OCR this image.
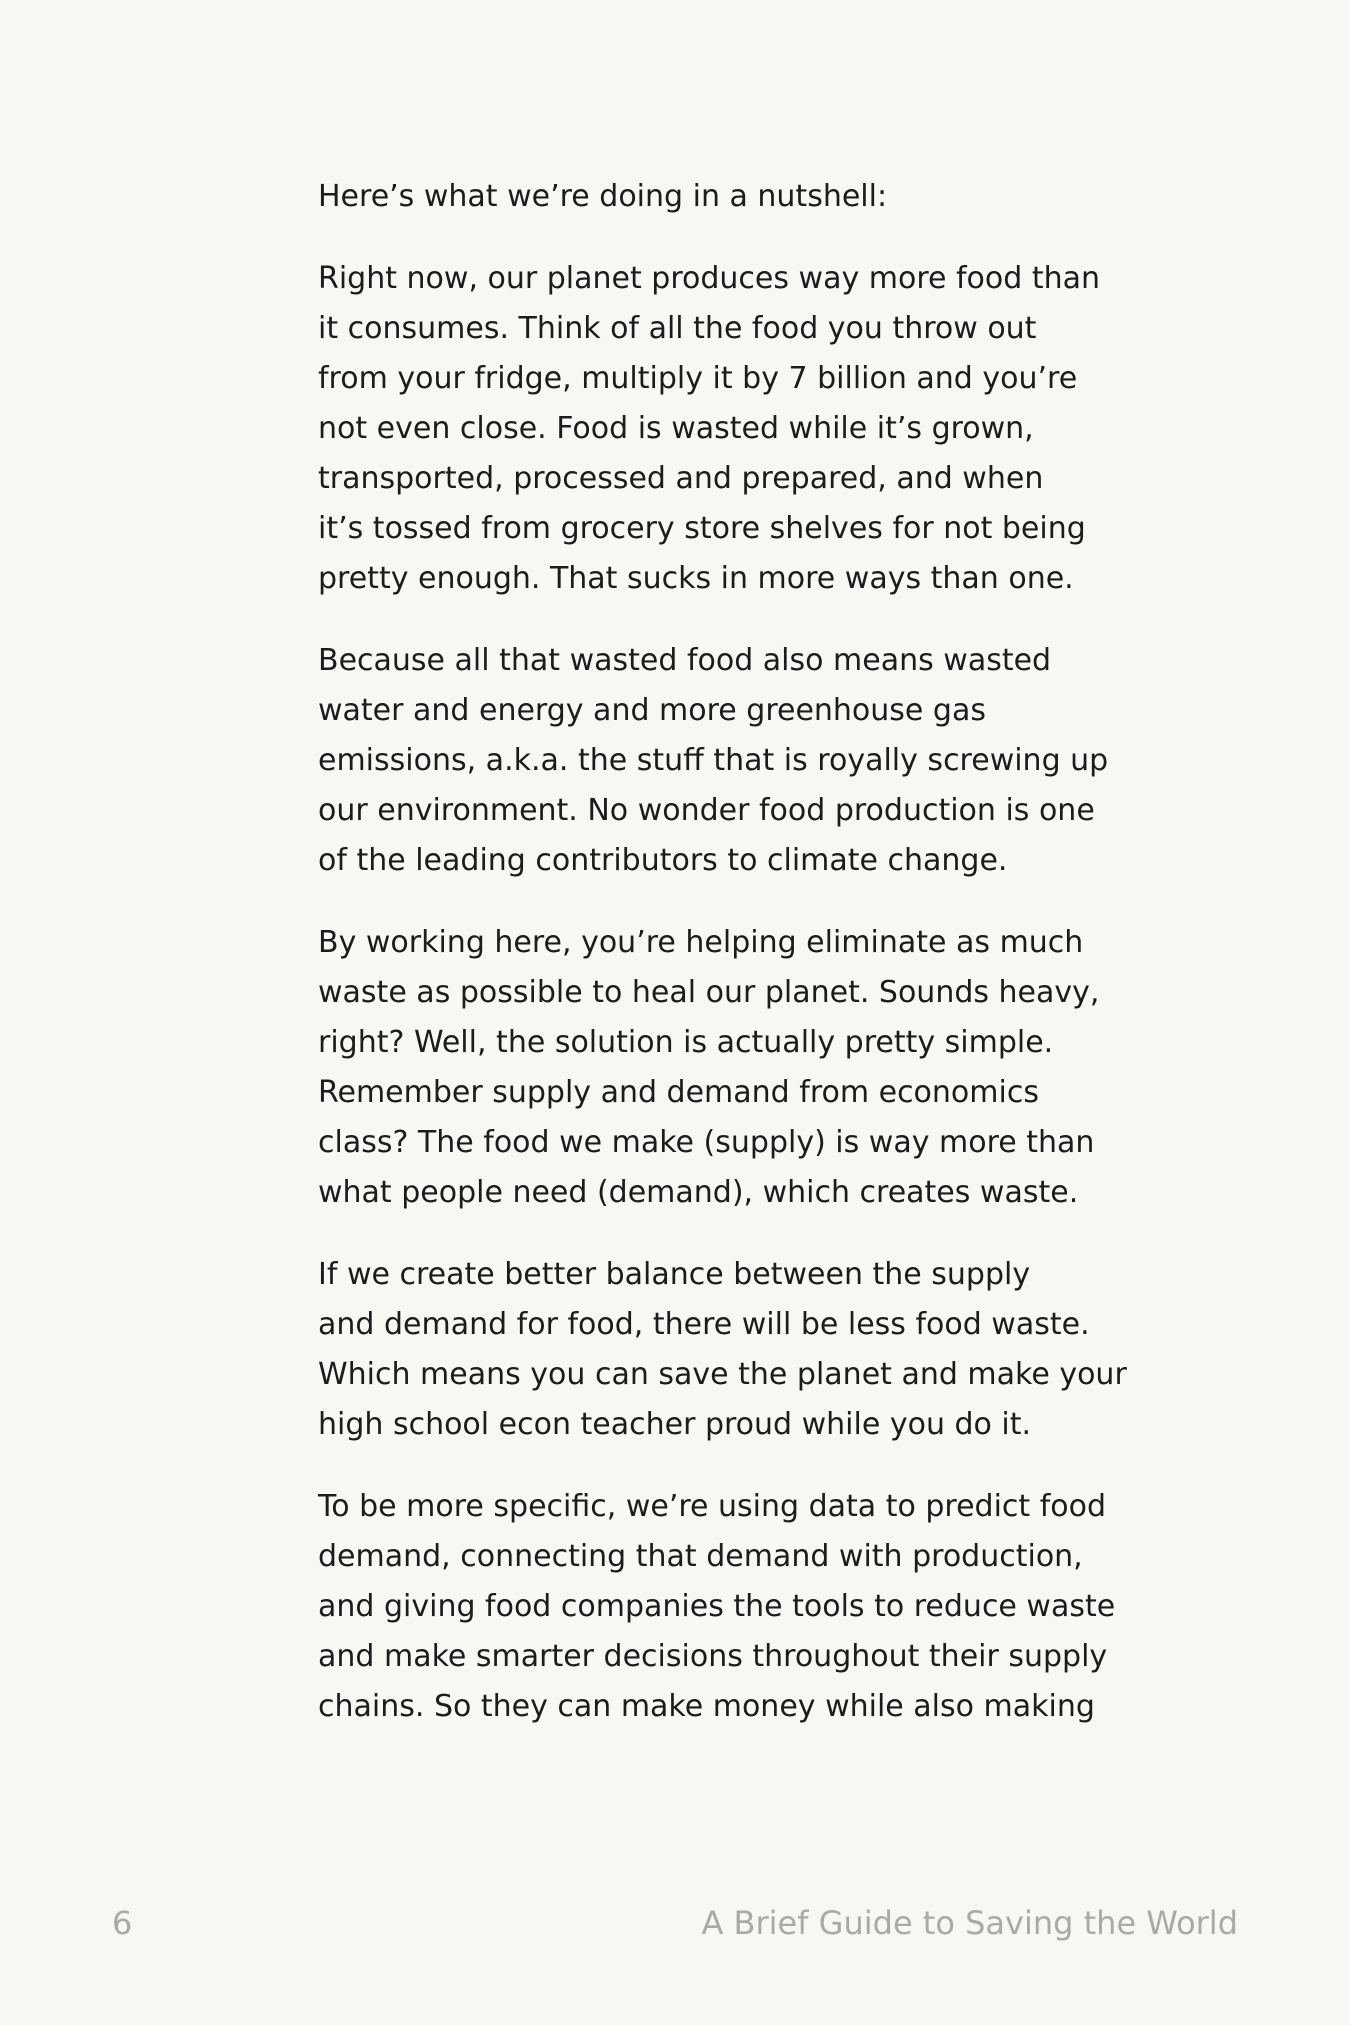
Here’s what we’re doing in a nutshell:

Right now, our planet produces way more food than
it consumes. Think of all the food you throw out
from your fridge, multiply it by 7 billion and you’re
not even close. Food is wasted while it’s grown,
transported, processed and prepared, and when
it’s tossed from grocery store shelves for not being
pretty enough. That sucks in more ways than one.

Because all that wasted food also means wasted
water and energy and more greenhouse gas
emissions, a.k.a. the stuff that is royally screwing up
our environment. No wonder food production is one
of the leading contributors to climate change.

By working here, you’re helping eliminate as much
waste as possible to heal our planet. Sounds heavy,
right? Well, the solution is actually pretty simple.
Remember supply and demand from economics
class? The food we make (supply) is way more than
what people need (demand), which creates waste.

If we create better balance between the supply
and demand for food, there will be less food waste.
Which means you can save the planet and make your
high school econ teacher proud while you do it.

To be more specific, we’re using data to predict food
demand, connecting that demand with production,
and giving food companies the tools to reduce waste
and make smarter decisions throughout their supply
chains. So they can make money while also making

6	A Brief Guide to Saving the World
